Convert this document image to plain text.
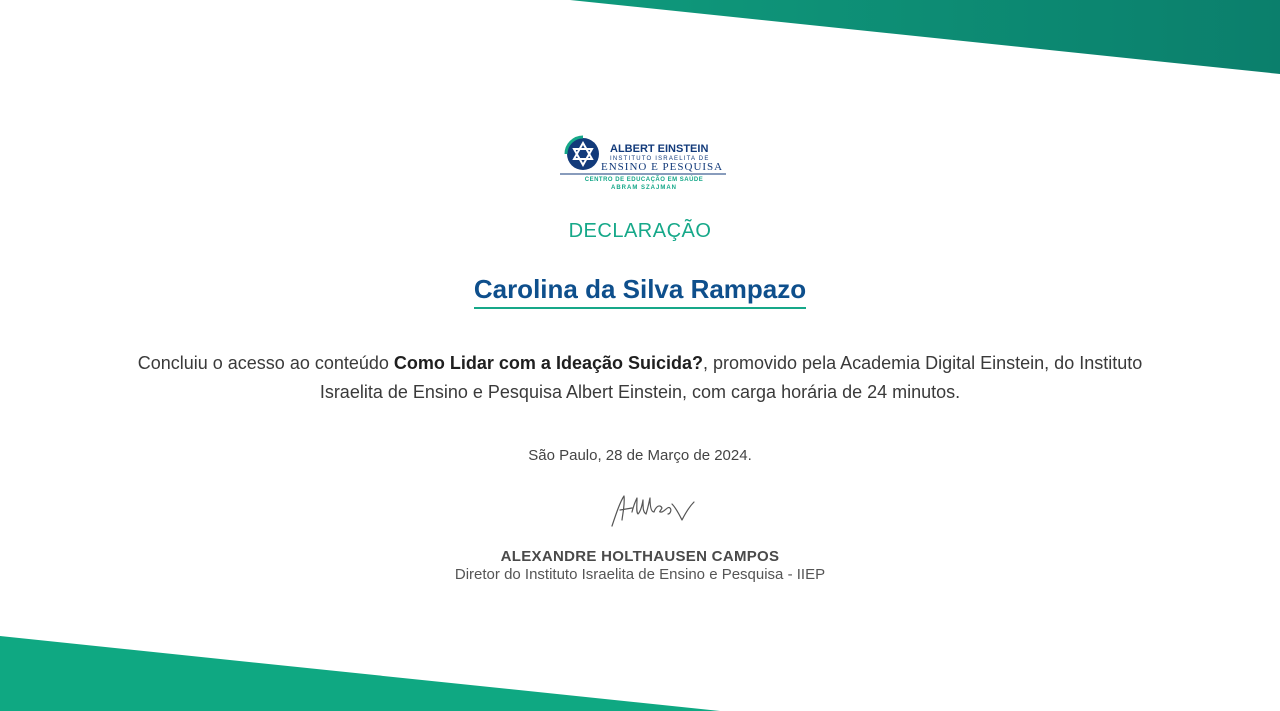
ALBERT EINSTEIN
INSTITUTO ISRAELITA DE
ENSINO E PESQUISA
CENTRO DE EDUCAÇÃO EM SAÚDE
ABRAM SZAJMAN
DECLARAÇÃO
Carolina da Silva Rampazo
Concluiu o acesso ao conteúdo Como Lidar com a Ideação Suicida?, promovido pela Academia Digital Einstein, do Instituto Israelita de Ensino e Pesquisa Albert Einstein, com carga horária de 24 minutos.
São Paulo, 28 de Março de 2024.
ALEXANDRE HOLTHAUSEN CAMPOS
Diretor do Instituto Israelita de Ensino e Pesquisa - IIEP
